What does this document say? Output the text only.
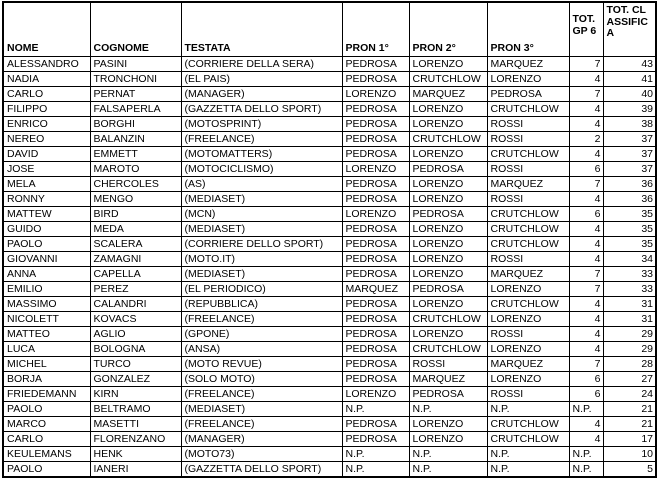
NOME	COGNOME	TESTATA	PRON 1°	PRON 2°	PRON 3°	TOT. GP 6	TOT. CLASSIFICA
ALESSANDRO	PASINI	(CORRIERE DELLA SERA)	PEDROSA	LORENZO	MARQUEZ	7	43
NADIA	TRONCHONI	(EL PAIS)	PEDROSA	CRUTCHLOW	LORENZO	4	41
CARLO	PERNAT	(MANAGER)	LORENZO	MARQUEZ	PEDROSA	7	40
FILIPPO	FALSAPERLA	(GAZZETTA DELLO SPORT)	PEDROSA	LORENZO	CRUTCHLOW	4	39
ENRICO	BORGHI	(MOTOSPRINT)	PEDROSA	LORENZO	ROSSI	4	38
NEREO	BALANZIN	(FREELANCE)	PEDROSA	CRUTCHLOW	ROSSI	2	37
DAVID	EMMETT	(MOTOMATTERS)	PEDROSA	LORENZO	CRUTCHLOW	4	37
JOSE	MAROTO	(MOTOCICLISMO)	LORENZO	PEDROSA	ROSSI	6	37
MELA	CHERCOLES	(AS)	PEDROSA	LORENZO	MARQUEZ	7	36
RONNY	MENGO	(MEDIASET)	PEDROSA	LORENZO	ROSSI	4	36
MATTEW	BIRD	(MCN)	LORENZO	PEDROSA	CRUTCHLOW	6	35
GUIDO	MEDA	(MEDIASET)	PEDROSA	LORENZO	CRUTCHLOW	4	35
PAOLO	SCALERA	(CORRIERE DELLO SPORT)	PEDROSA	LORENZO	CRUTCHLOW	4	35
GIOVANNI	ZAMAGNI	(MOTO.IT)	PEDROSA	LORENZO	ROSSI	4	34
ANNA	CAPELLA	(MEDIASET)	PEDROSA	LORENZO	MARQUEZ	7	33
EMILIO	PEREZ	(EL PERIODICO)	MARQUEZ	PEDROSA	LORENZO	7	33
MASSIMO	CALANDRI	(REPUBBLICA)	PEDROSA	LORENZO	CRUTCHLOW	4	31
NICOLETT	KOVACS	(FREELANCE)	PEDROSA	CRUTCHLOW	LORENZO	4	31
MATTEO	AGLIO	(GPONE)	PEDROSA	LORENZO	ROSSI	4	29
LUCA	BOLOGNA	(ANSA)	PEDROSA	CRUTCHLOW	LORENZO	4	29
MICHEL	TURCO	(MOTO REVUE)	PEDROSA	ROSSI	MARQUEZ	7	28
BORJA	GONZALEZ	(SOLO MOTO)	PEDROSA	MARQUEZ	LORENZO	6	27
FRIEDEMANN	KIRN	(FREELANCE)	LORENZO	PEDROSA	ROSSI	6	24
PAOLO	BELTRAMO	(MEDIASET)	N.P.	N.P.	N.P.	N.P.	21
MARCO	MASETTI	(FREELANCE)	PEDROSA	LORENZO	CRUTCHLOW	4	21
CARLO	FLORENZANO	(MANAGER)	PEDROSA	LORENZO	CRUTCHLOW	4	17
KEULEMANS	HENK	(MOTO73)	N.P.	N.P.	N.P.	N.P.	10
PAOLO	IANERI	(GAZZETTA DELLO SPORT)	N.P.	N.P.	N.P.	N.P.	5
